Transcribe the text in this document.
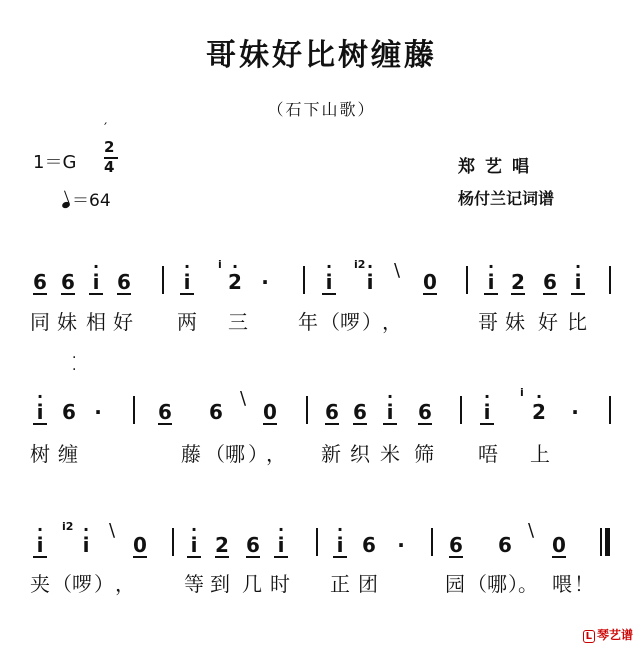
哥妹好比树缠藤
（石下山歌）
1＝G
′
2
4
＝64
郑艺唱
杨付兰记词谱
6 6 · i 6	· i
i
· 2 ·	· i
i2
· i \ 0	· i 2 6 · i
同 妹 相 好 两 三	年 （ 啰 ） ，	哥 妹 好 比
·
·
· i 6 ·	6 6
\
0 6 6 · i 6	· i
i
· 2 ·
树 缠	藤 （ 哪 ）
， 新 织 米 筛 唔 上
· i
i2
· i
\
0 · i 2 6 · i	· i 6 · 6 6
\
0
夹 （ 啰 ） ， 等 到 几 时 正 团	园 （ 哪 ）。 喂 ！
L 琴艺谱
